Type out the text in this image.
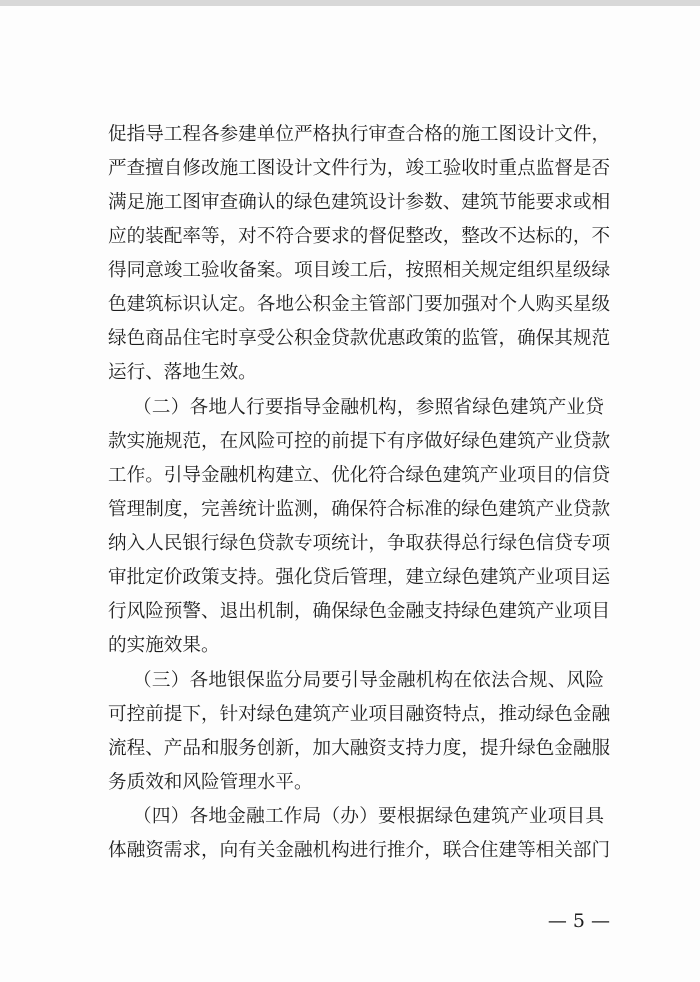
促指导工程各参建单位严格执行审查合格的施工图设计文件，
严查擅自修改施工图设计文件行为，竣工验收时重点监督是否
满足施工图审查确认的绿色建筑设计参数、建筑节能要求或相
应的装配率等，对不符合要求的督促整改，整改不达标的，不
得同意竣工验收备案。项目竣工后，按照相关规定组织星级绿
色建筑标识认定。各地公积金主管部门要加强对个人购买星级
绿色商品住宅时享受公积金贷款优惠政策的监管，确保其规范
运行、落地生效。
（二）各地人行要指导金融机构，参照省绿色建筑产业贷
款实施规范，在风险可控的前提下有序做好绿色建筑产业贷款
工作。引导金融机构建立、优化符合绿色建筑产业项目的信贷
管理制度，完善统计监测，确保符合标准的绿色建筑产业贷款
纳入人民银行绿色贷款专项统计，争取获得总行绿色信贷专项
审批定价政策支持。强化贷后管理，建立绿色建筑产业项目运
行风险预警、退出机制，确保绿色金融支持绿色建筑产业项目
的实施效果。
（三）各地银保监分局要引导金融机构在依法合规、风险
可控前提下，针对绿色建筑产业项目融资特点，推动绿色金融
流程、产品和服务创新，加大融资支持力度，提升绿色金融服
务质效和风险管理水平。
（四）各地金融工作局（办）要根据绿色建筑产业项目具
体融资需求，向有关金融机构进行推介，联合住建等相关部门
— 5 —
